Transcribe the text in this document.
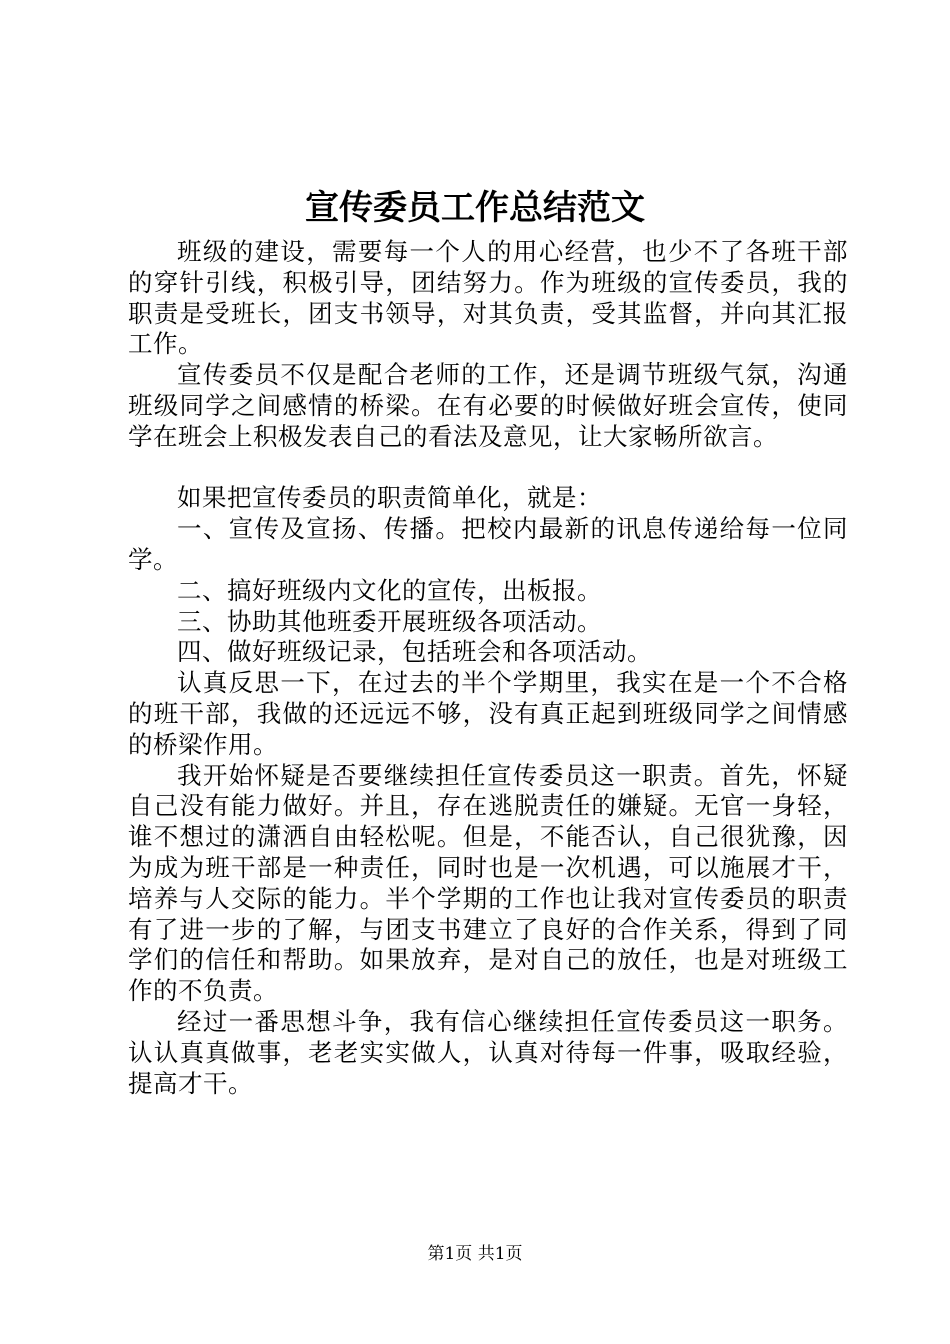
宣传委员工作总结范文

班级的建设，需要每一个人的用心经营，也少不了各班干部的穿针引线，积极引导，团结努力。作为班级的宣传委员，我的职责是受班长，团支书领导，对其负责，受其监督，并向其汇报工作。

宣传委员不仅是配合老师的工作，还是调节班级气氛，沟通班级同学之间感情的桥梁。在有必要的时候做好班会宣传，使同学在班会上积极发表自己的看法及意见，让大家畅所欲言。

如果把宣传委员的职责简单化，就是：

一、宣传及宣扬、传播。把校内最新的讯息传递给每一位同学。

二、搞好班级内文化的宣传，出板报。

三、协助其他班委开展班级各项活动。

四、做好班级记录，包括班会和各项活动。

认真反思一下，在过去的半个学期里，我实在是一个不合格的班干部，我做的还远远不够，没有真正起到班级同学之间情感的桥梁作用。

我开始怀疑是否要继续担任宣传委员这一职责。首先，怀疑自己没有能力做好。并且，存在逃脱责任的嫌疑。无官一身轻，谁不想过的潇洒自由轻松呢。但是，不能否认，自己很犹豫，因为成为班干部是一种责任，同时也是一次机遇，可以施展才干，培养与人交际的能力。半个学期的工作也让我对宣传委员的职责有了进一步的了解，与团支书建立了良好的合作关系，得到了同学们的信任和帮助。如果放弃，是对自己的放任，也是对班级工作的不负责。

经过一番思想斗争，我有信心继续担任宣传委员这一职务。认认真真做事，老老实实做人，认真对待每一件事，吸取经验，提高才干。

第1页 共1页
